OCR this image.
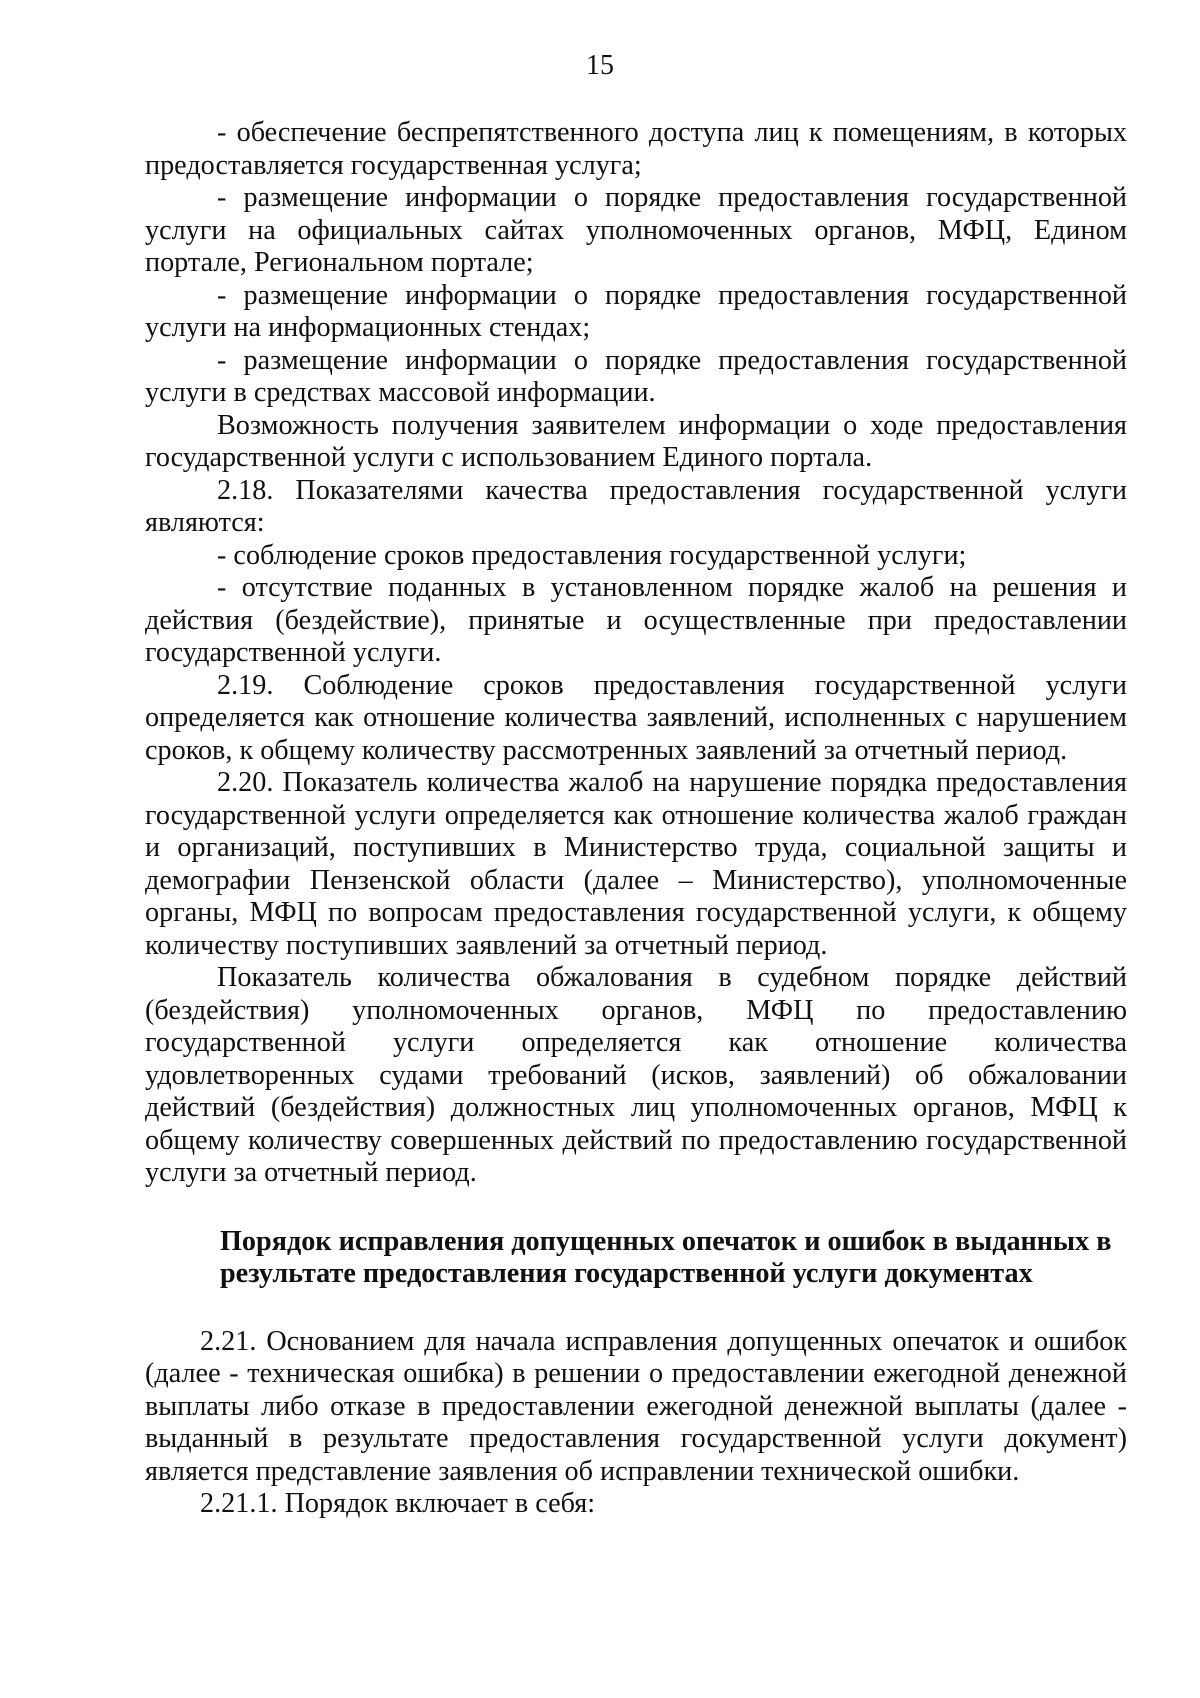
15

- обеспечение беспрепятственного доступа лиц к помещениям, в которых предоставляется государственная услуга;

- размещение информации о порядке предоставления государственной услуги на официальных сайтах уполномоченных органов, МФЦ, Едином портале, Региональном портале;

- размещение информации о порядке предоставления государственной услуги на информационных стендах;

- размещение информации о порядке предоставления государственной услуги в средствах массовой информации.

Возможность получения заявителем информации о ходе предоставления государственной услуги с использованием Единого портала.

2.18. Показателями качества предоставления государственной услуги являются:

- соблюдение сроков предоставления государственной услуги;

- отсутствие поданных в установленном порядке жалоб на решения и действия (бездействие), принятые и осуществленные при предоставлении государственной услуги.

2.19. Соблюдение сроков предоставления государственной услуги определяется как отношение количества заявлений, исполненных с нарушением сроков, к общему количеству рассмотренных заявлений за отчетный период.

2.20. Показатель количества жалоб на нарушение порядка предоставления государственной услуги определяется как отношение количества жалоб граждан и организаций, поступивших в Министерство труда, социальной защиты и демографии Пензенской области (далее – Министерство), уполномоченные органы, МФЦ по вопросам предоставления государственной услуги, к общему количеству поступивших заявлений за отчетный период.

Показатель количества обжалования в судебном порядке действий (бездействия) уполномоченных органов, МФЦ по предоставлению государственной услуги определяется как отношение количества удовлетворенных судами требований (исков, заявлений) об обжаловании действий (бездействия) должностных лиц уполномоченных органов, МФЦ к общему количеству совершенных действий по предоставлению государственной услуги за отчетный период.

Порядок исправления допущенных опечаток и ошибок в выданных в
результате предоставления государственной услуги документах

2.21. Основанием для начала исправления допущенных опечаток и ошибок (далее - техническая ошибка) в решении о предоставлении ежегодной денежной выплаты либо отказе в предоставлении ежегодной денежной выплаты (далее - выданный в результате предоставления государственной услуги документ) является представление заявления об исправлении технической ошибки.

2.21.1. Порядок включает в себя:
